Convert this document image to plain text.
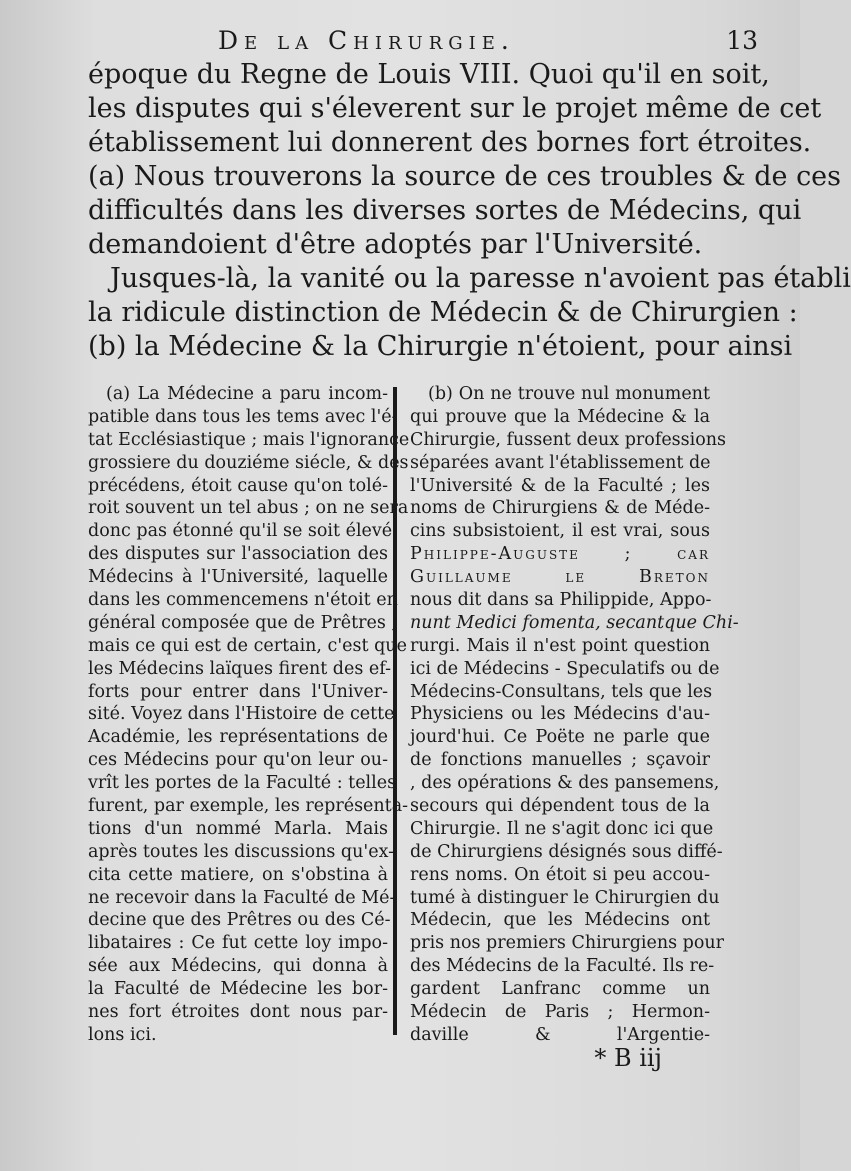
De la Chirurgie.	13
époque du Regne de Louis VIII. Quoi qu'il en soit,
les disputes qui s'éleverent sur le projet même de cet
établissement lui donnerent des bornes fort étroites.
(a) Nous trouverons la source de ces troubles & de ces
difficultés dans les diverses sortes de Médecins, qui
demandoient d'être adoptés par l'Université.
Jusques-là, la vanité ou la paresse n'avoient pas établi
la ridicule distinction de Médecin & de Chirurgien :
(b) la Médecine & la Chirurgie n'étoient, pour ainsi
(a) La Médecine a paru incom-
patible dans tous les tems avec l'é-
tat Ecclésiastique ; mais l'ignorance
grossiere du douziéme siécle, & des
précédens, étoit cause qu'on tolé-
roit souvent un tel abus ; on ne sera
donc pas étonné qu'il se soit élevé
des disputes sur l'association des
Médecins à l'Université, laquelle
dans les commencemens n'étoit en
général composée que de Prêtres ;
mais ce qui est de certain, c'est que
les Médecins laïques firent des ef-
forts pour entrer dans l'Univer-
sité. Voyez dans l'Histoire de cette
Académie, les représentations de
ces Médecins pour qu'on leur ou-
vrît les portes de la Faculté : telles
furent, par exemple, les représenta-
tions d'un nommé Marla. Mais
après toutes les discussions qu'ex-
cita cette matiere, on s'obstina à
ne recevoir dans la Faculté de Mé-
decine que des Prêtres ou des Cé-
libataires : Ce fut cette loy impo-
sée aux Médecins, qui donna à
la Faculté de Médecine les bor-
nes fort étroites dont nous par-
lons ici.
(b) On ne trouve nul monument
qui prouve que la Médecine & la
Chirurgie, fussent deux professions
séparées avant l'établissement de
l'Université & de la Faculté ; les
noms de Chirurgiens & de Méde-
cins subsistoient, il est vrai, sous
Philippe-Auguste ; car
Guillaume le Breton
nous dit dans sa Philippide, Appo-
nunt Medici fomenta, secantque Chi-
rurgi. Mais il n'est point question
ici de Médecins - Speculatifs ou de
Médecins-Consultans, tels que les
Physiciens ou les Médecins d'au-
jourd'hui. Ce Poëte ne parle que
de fonctions manuelles ; sçavoir
, des opérations & des pansemens,
secours qui dépendent tous de la
Chirurgie. Il ne s'agit donc ici que
de Chirurgiens désignés sous diffé-
rens noms. On étoit si peu accou-
tumé à distinguer le Chirurgien du
Médecin, que les Médecins ont
pris nos premiers Chirurgiens pour
des Médecins de la Faculté. Ils re-
gardent Lanfranc comme un
Médecin de Paris ; Hermon-
daville & l'Argentie-
* B iij
